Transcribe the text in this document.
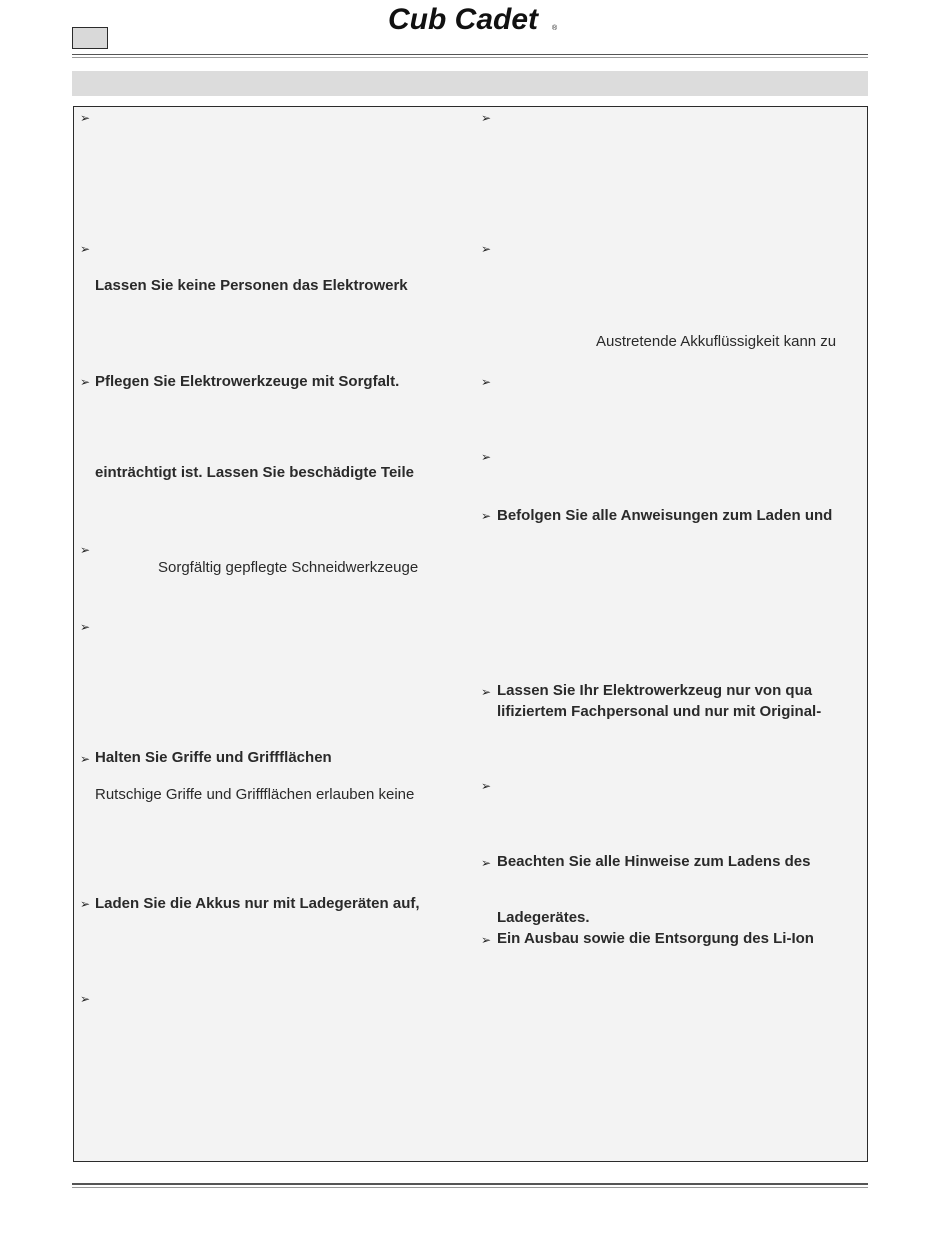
Cub Cadet ®
➢
➢
➢
➢
➢
➢
➢
➢
Lassen Sie keine Personen das Elektrowerk
Pflegen Sie Elektrowerkzeuge mit Sorgfalt.
einträchtigt ist. Lassen Sie beschädigte Teile
Sorgfältig gepflegte Schneidwerkzeuge
Halten Sie Griffe und Griffflächen
Rutschige Griffe und Griffflächen erlauben keine
Laden Sie die Akkus nur mit Ladegeräten auf,
➢
➢
➢
➢
➢
➢
➢
➢
➢
Austretende Akkuflüssigkeit kann zu
Befolgen Sie alle Anweisungen zum Laden und
Lassen Sie Ihr Elektrowerkzeug nur von qua
lifiziertem Fachpersonal und nur mit Original-
Beachten Sie alle Hinweise zum Ladens des
Ladegerätes.
Ein Ausbau sowie die Entsorgung des Li-Ion
